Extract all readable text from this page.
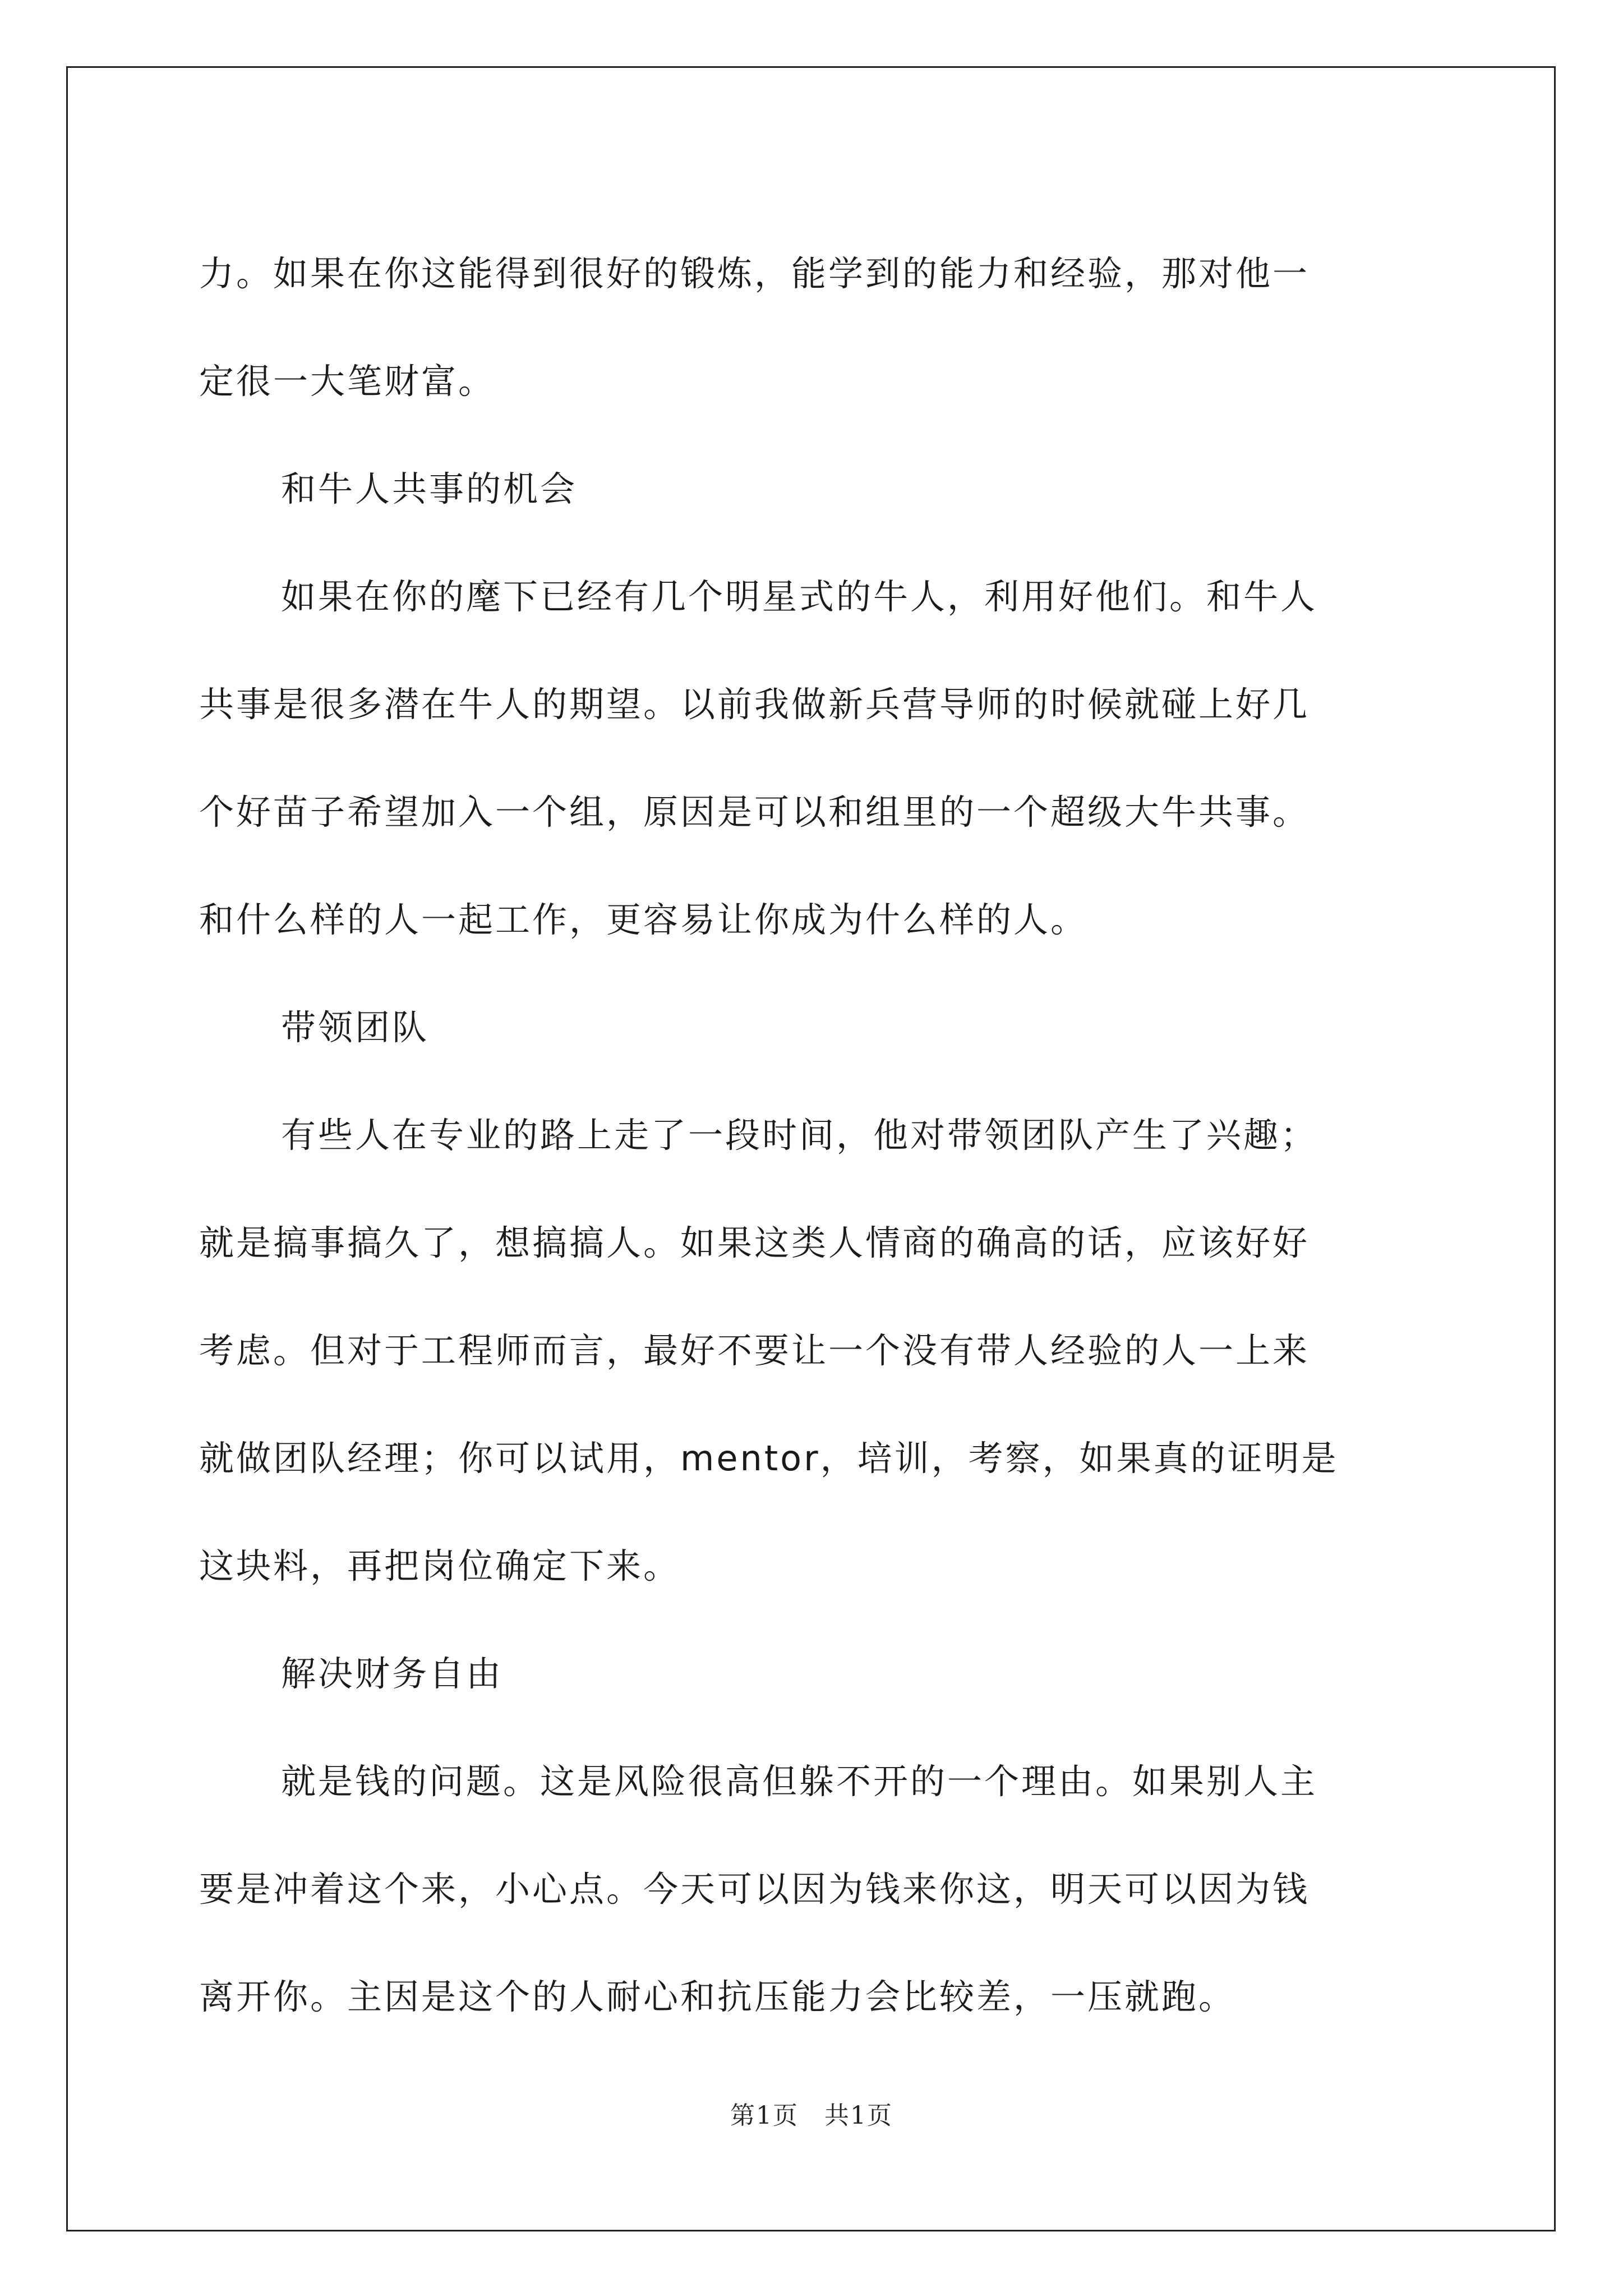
力。如果在你这能得到很好的锻炼，能学到的能力和经验，那对他一
定很一大笔财富。
和牛人共事的机会
如果在你的麾下已经有几个明星式的牛人，利用好他们。和牛人
共事是很多潜在牛人的期望。以前我做新兵营导师的时候就碰上好几
个好苗子希望加入一个组，原因是可以和组里的一个超级大牛共事。
和什么样的人一起工作，更容易让你成为什么样的人。
带领团队
有些人在专业的路上走了一段时间，他对带领团队产生了兴趣；
就是搞事搞久了，想搞搞人。如果这类人情商的确高的话，应该好好
考虑。但对于工程师而言，最好不要让一个没有带人经验的人一上来
就做团队经理；你可以试用，mentor，培训，考察，如果真的证明是
这块料，再把岗位确定下来。
解决财务自由
就是钱的问题。这是风险很高但躲不开的一个理由。如果别人主
要是冲着这个来，小心点。今天可以因为钱来你这，明天可以因为钱
离开你。主因是这个的人耐心和抗压能力会比较差，一压就跑。
第1页 共1页
